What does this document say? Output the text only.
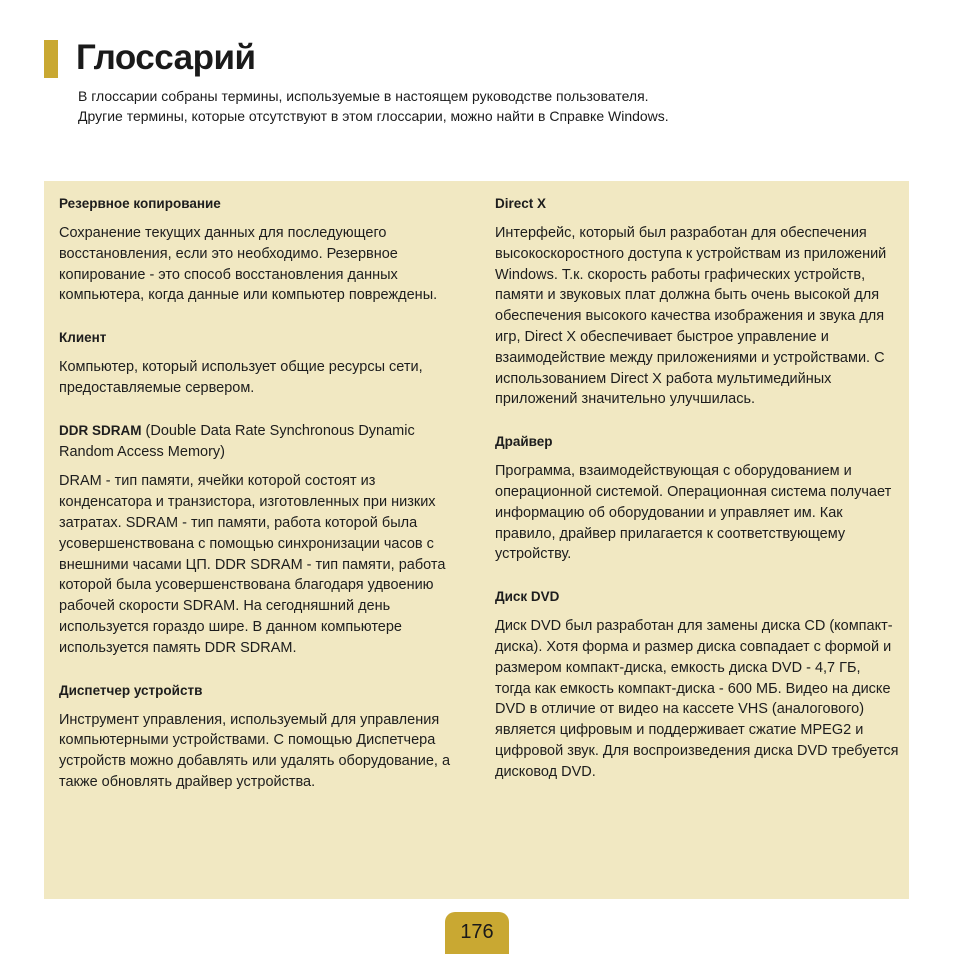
Глоссарий

В глоссарии собраны термины, используемые в настоящем руководстве пользователя.

Другие термины, которые отсутствуют в этом глоссарии, можно найти в Справке Windows.

Резервное копирование

Сохранение текущих данных для последующего восстановления, если это необходимо. Резервное копирование - это способ восстановления данных компьютера, когда данные или компьютер повреждены.

Клиент

Компьютер, который использует общие ресурсы сети, предоставляемые сервером.

DDR SDRAM (Double Data Rate Synchronous Dynamic Random Access Memory)

DRAM - тип памяти, ячейки которой состоят из конденсатора и транзистора, изготовленных при низких затратах. SDRAM - тип памяти, работа которой была усовершенствована с помощью синхронизации часов с внешними часами ЦП. DDR SDRAM - тип памяти, работа которой была усовершенствована благодаря удвоению рабочей скорости SDRAM. На сегодняшний день используется гораздо шире. В данном компьютере используется память DDR SDRAM.

Диспетчер устройств

Инструмент управления, используемый для управления компьютерными устройствами. С помощью Диспетчера устройств можно добавлять или удалять оборудование, а также обновлять драйвер устройства.

Direct X

Интерфейс, который был разработан для обеспечения высокоскоростного доступа к устройствам из приложений Windows. Т.к. скорость работы графических устройств, памяти и звуковых плат должна быть очень высокой для обеспечения высокого качества изображения и звука для игр, Direct X обеспечивает быстрое управление и взаимодействие между приложениями и устройствами. С использованием Direct X работа мультимедийных приложений значительно улучшилась.

Драйвер

Программа, взаимодействующая с оборудованием и операционной системой. Операционная система получает информацию об оборудовании и управляет им. Как правило, драйвер прилагается к соответствующему устройству.

Диск DVD

Диск DVD был разработан для замены диска CD (компакт-диска). Хотя форма и размер диска совпадает с формой и размером компакт-диска, емкость диска DVD - 4,7 ГБ, тогда как емкость компакт-диска - 600 МБ. Видео на диске DVD в отличие от видео на кассете VHS (аналогового) является цифровым и поддерживает сжатие MPEG2 и цифровой звук. Для воспроизведения диска DVD требуется дисковод DVD.

176
